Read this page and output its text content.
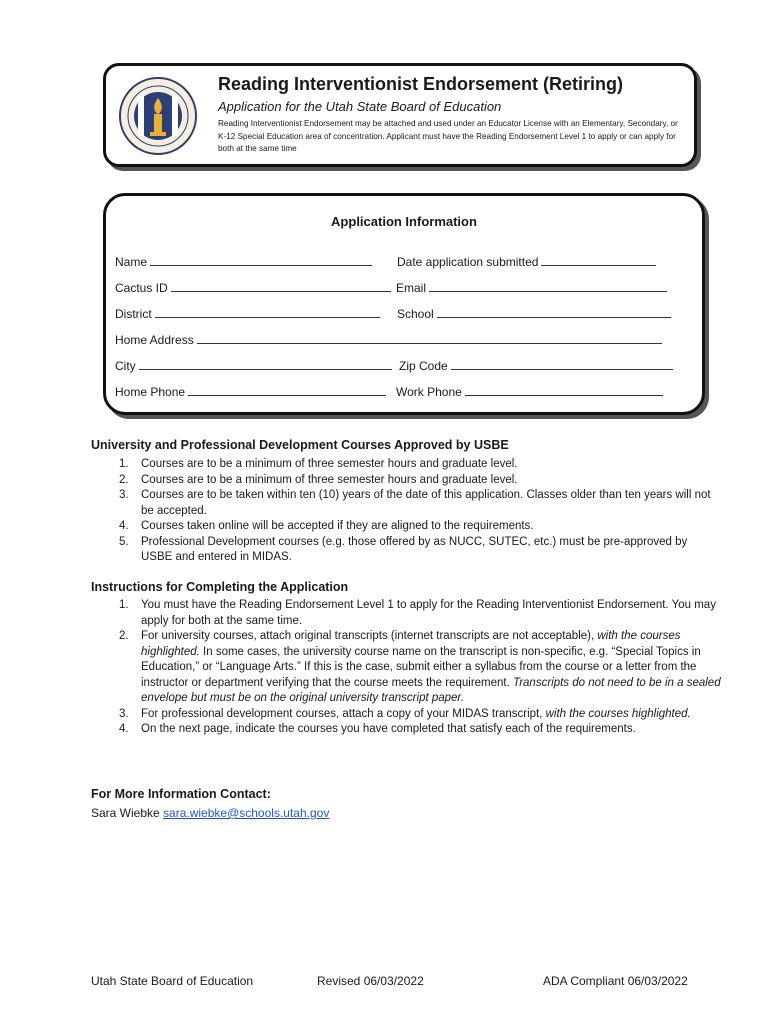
Reading Interventionist Endorsement (Retiring)
Application for the Utah State Board of Education
Reading Interventionist Endorsement may be attached and used under an Educator License with an Elementary, Secondary, or K-12 Special Education area of concentration. Applicant must have the Reading Endorsement Level 1 to apply or can apply for both at the same time
Application Information
Name	Date application submitted
Cactus ID	Email
District	School
Home Address
City	Zip Code
Home Phone	Work Phone
University and Professional Development Courses Approved by USBE
1. Courses are to be a minimum of three semester hours and graduate level.
2. Courses are to be a minimum of three semester hours and graduate level.
3. Courses are to be taken within ten (10) years of the date of this application. Classes older than ten years will not be accepted.
4. Courses taken online will be accepted if they are aligned to the requirements.
5. Professional Development courses (e.g. those offered by as NUCC, SUTEC, etc.) must be pre-approved by USBE and entered in MIDAS.
Instructions for Completing the Application
1. You must have the Reading Endorsement Level 1 to apply for the Reading Interventionist Endorsement. You may apply for both at the same time.
2. For university courses, attach original transcripts (internet transcripts are not acceptable), with the courses highlighted. In some cases, the university course name on the transcript is non-specific, e.g. “Special Topics in Education,” or “Language Arts.” If this is the case, submit either a syllabus from the course or a letter from the instructor or department verifying that the course meets the requirement. Transcripts do not need to be in a sealed envelope but must be on the original university transcript paper.
3. For professional development courses, attach a copy of your MIDAS transcript, with the courses highlighted.
4. On the next page, indicate the courses you have completed that satisfy each of the requirements.
For More Information Contact:
Sara Wiebke sara.wiebke@schools.utah.gov
Utah State Board of Education	Revised 06/03/2022	ADA Compliant 06/03/2022
